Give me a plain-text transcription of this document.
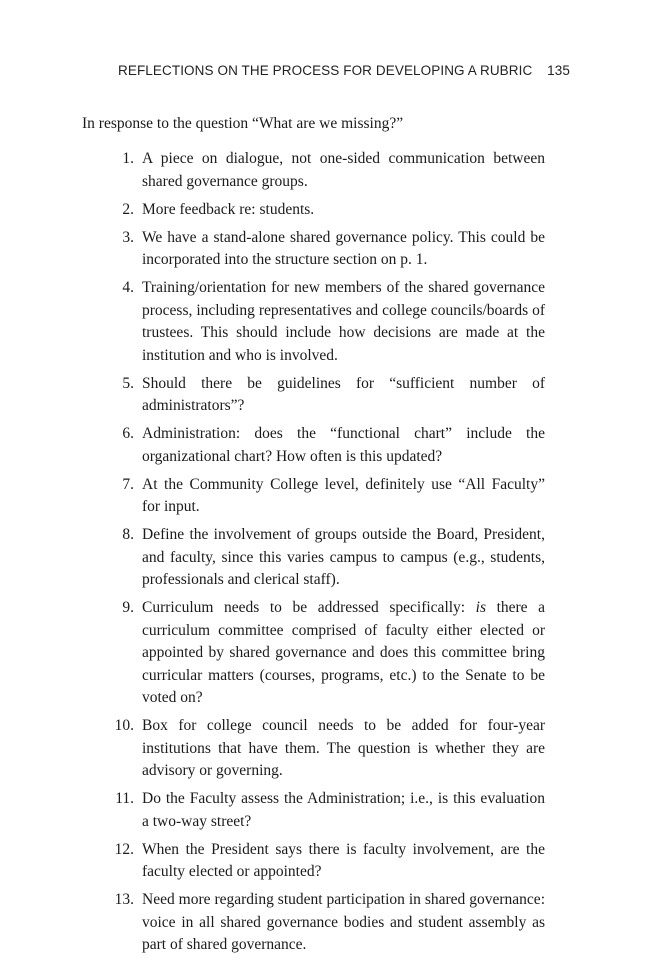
REFLECTIONS ON THE PROCESS FOR DEVELOPING A RUBRIC 135

In response to the question “What are we missing?”

1. A piece on dialogue, not one-sided communication between shared governance groups.
2. More feedback re: students.
3. We have a stand-alone shared governance policy. This could be incorporated into the structure section on p. 1.
4. Training/orientation for new members of the shared governance process, including representatives and college councils/boards of trustees. This should include how decisions are made at the institution and who is involved.
5. Should there be guidelines for “sufficient number of administrators”?
6. Administration: does the “functional chart” include the organizational chart? How often is this updated?
7. At the Community College level, definitely use “All Faculty” for input.
8. Define the involvement of groups outside the Board, President, and faculty, since this varies campus to campus (e.g., students, professionals and clerical staff).
9. Curriculum needs to be addressed specifically: is there a curriculum committee comprised of faculty either elected or appointed by shared governance and does this committee bring curricular matters (courses, programs, etc.) to the Senate to be voted on?
10. Box for college council needs to be added for four-year institutions that have them. The question is whether they are advisory or governing.
11. Do the Faculty assess the Administration; i.e., is this evaluation a two-way street?
12. When the President says there is faculty involvement, are the faculty elected or appointed?
13. Need more regarding student participation in shared governance: voice in all shared governance bodies and student assembly as part of shared governance.
